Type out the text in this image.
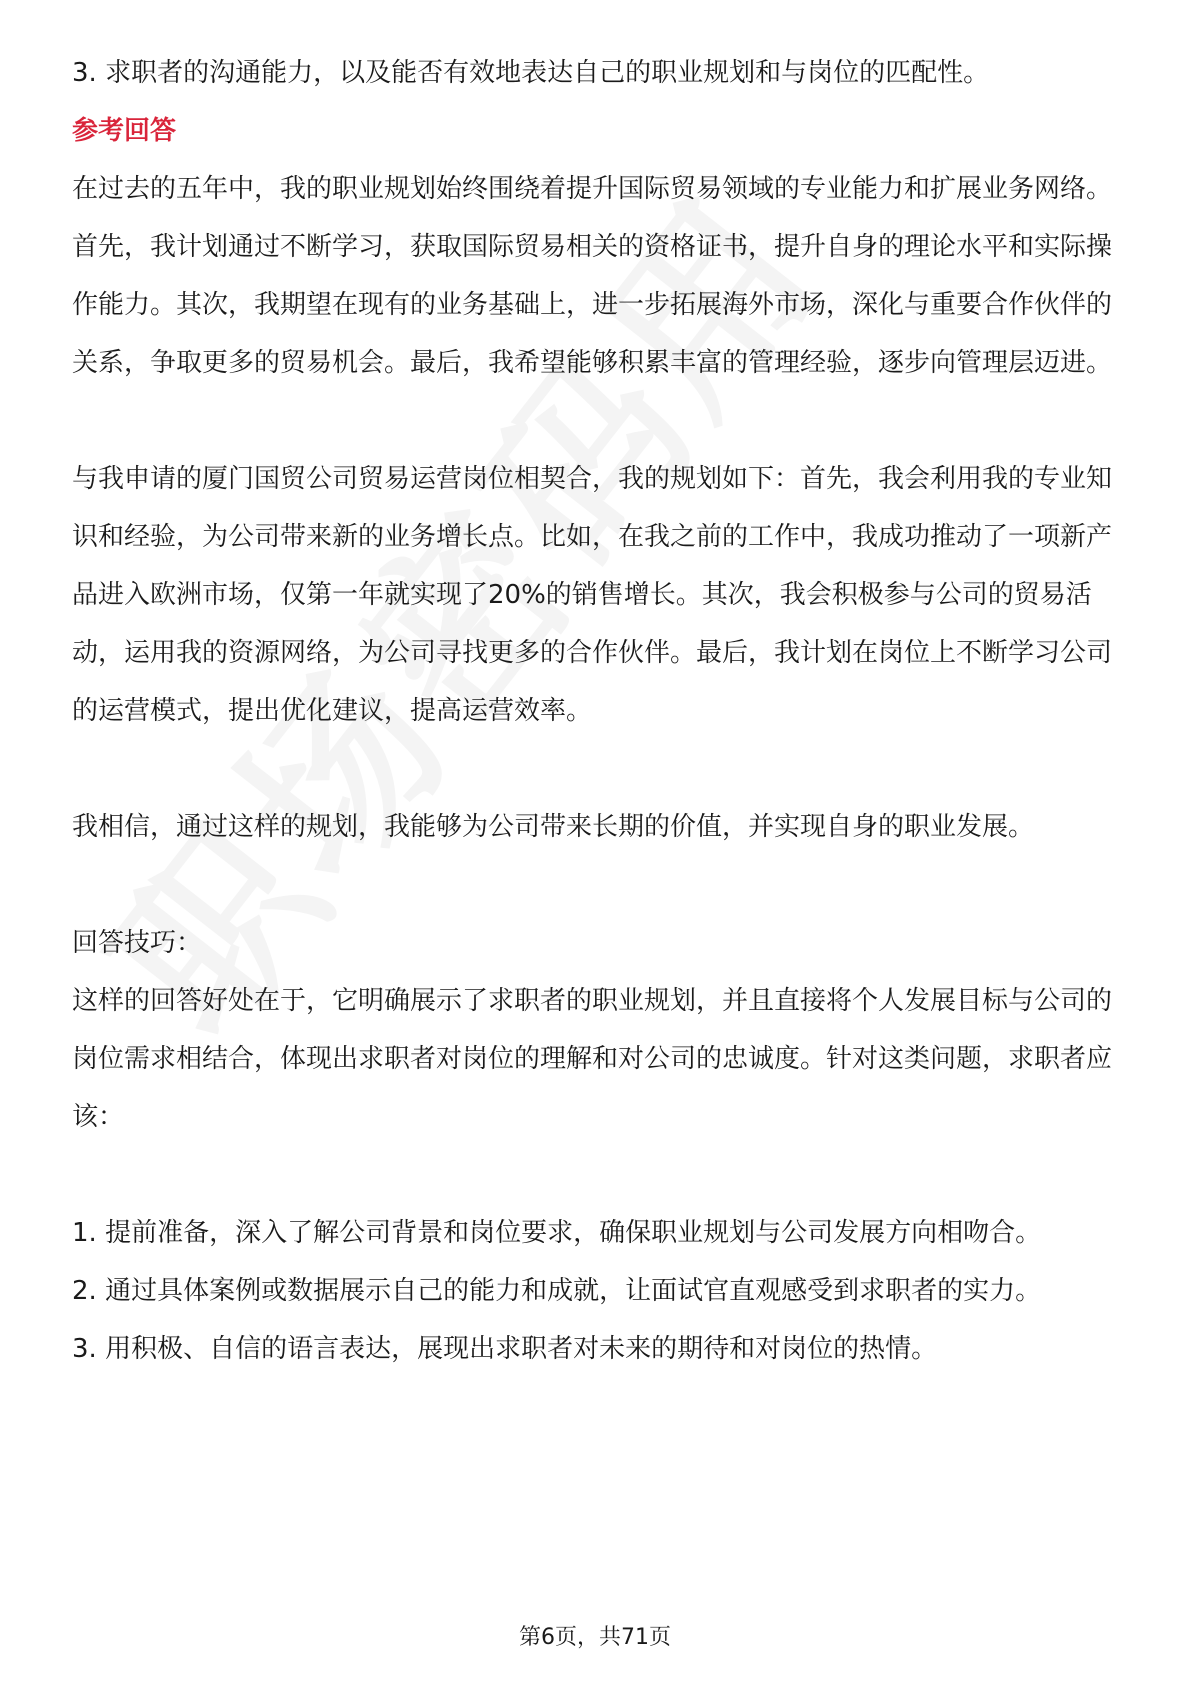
3. 求职者的沟通能力，以及能否有效地表达自己的职业规划和与岗位的匹配性。

参考回答

在过去的五年中，我的职业规划始终围绕着提升国际贸易领域的专业能力和扩展业务网络。首先，我计划通过不断学习，获取国际贸易相关的资格证书，提升自身的理论水平和实际操作能力。其次，我期望在现有的业务基础上，进一步拓展海外市场，深化与重要合作伙伴的关系，争取更多的贸易机会。最后，我希望能够积累丰富的管理经验，逐步向管理层迈进。

与我申请的厦门国贸公司贸易运营岗位相契合，我的规划如下：首先，我会利用我的专业知识和经验，为公司带来新的业务增长点。比如，在我之前的工作中，我成功推动了一项新产品进入欧洲市场，仅第一年就实现了20%的销售增长。其次，我会积极参与公司的贸易活动，运用我的资源网络，为公司寻找更多的合作伙伴。最后，我计划在岗位上不断学习公司的运营模式，提出优化建议，提高运营效率。

我相信，通过这样的规划，我能够为公司带来长期的价值，并实现自身的职业发展。

回答技巧：

这样的回答好处在于，它明确展示了求职者的职业规划，并且直接将个人发展目标与公司的岗位需求相结合，体现出求职者对岗位的理解和对公司的忠诚度。针对这类问题，求职者应该：

1. 提前准备，深入了解公司背景和岗位要求，确保职业规划与公司发展方向相吻合。

2. 通过具体案例或数据展示自己的能力和成就，让面试官直观感受到求职者的实力。

3. 用积极、自信的语言表达，展现出求职者对未来的期待和对岗位的热情。

第6页，共71页
